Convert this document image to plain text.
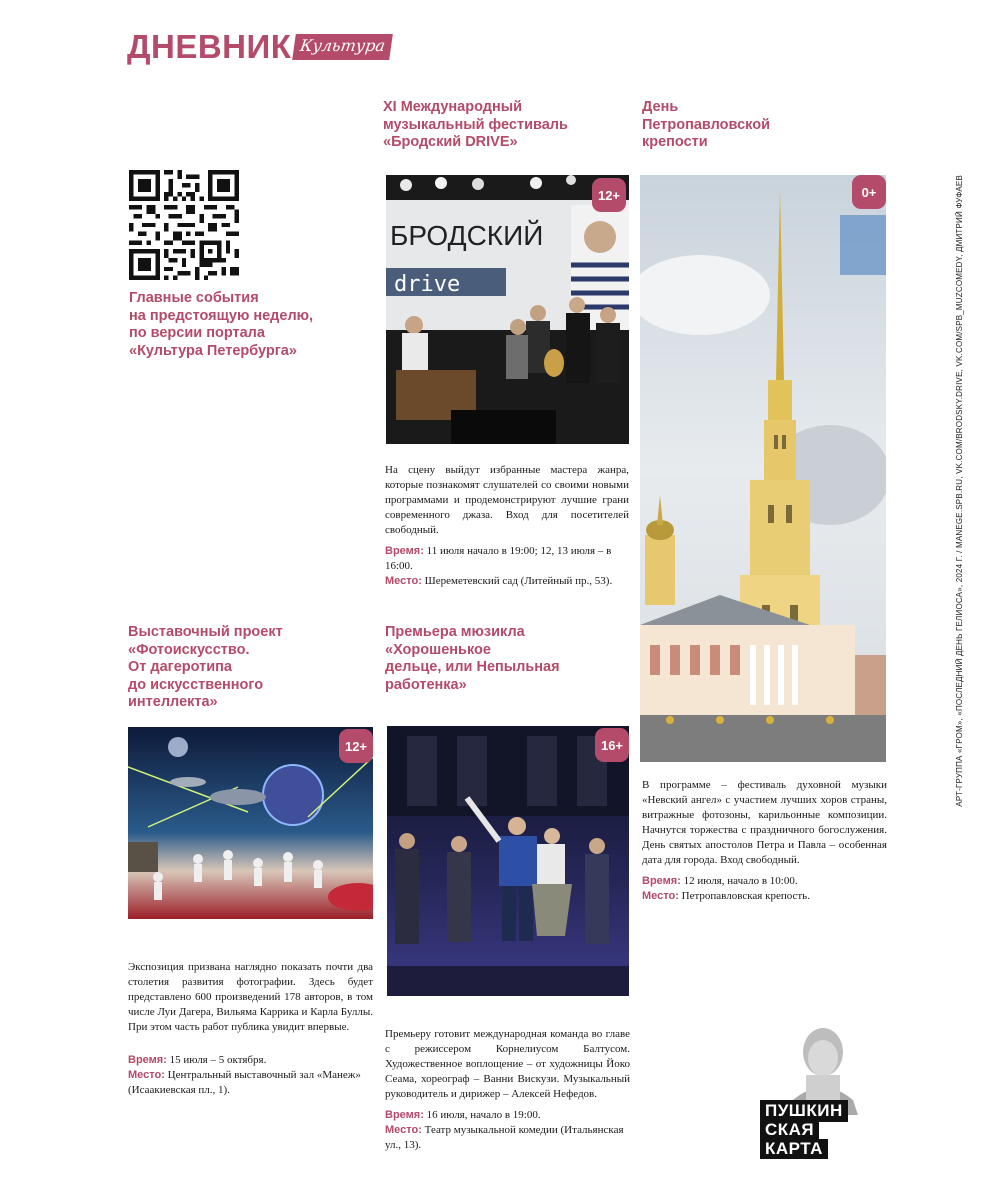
ДНЕВНИК Культура
XI Международный
музыкальный фестиваль
«Бродский DRIVE»
День
Петропавловской
крепости
Главные события
на предстоящую неделю,
по версии портала
«Культура Петербурга»
БРОДСКИЙ
drive
12+	0+
На сцену выйдут избранные мастера жанра, которые познакомят слушателей со своими новыми программами и продемонстрируют лучшие грани современного джаза. Вход для посетителей свободный.
Время: 11 июля начало в 19:00; 12, 13 июля – в 16:00.
Место: Шереметевский сад (Литейный пр., 53).
Выставочный проект
«Фотоискусство.
От дагеротипа
до искусственного
интеллекта»
Премьера мюзикла
«Хорошенькое
дельце, или Непыльная
работенка»
12+	16+
В программе – фестиваль духовной музыки «Невский ангел» с участием лучших хоров страны, витражные фотозоны, карильонные композиции. Начнутся торжества с праздничного богослужения. День святых апостолов Петра и Павла – особенная дата для города. Вход свободный.
Время: 12 июля, начало в 10:00.
Место: Петропавловская крепость.
Экспозиция призвана наглядно показать почти два столетия развития фотографии. Здесь будет представлено 600 произведений 178 авторов, в том числе Луи Дагера, Вильяма Каррика и Карла Буллы. При этом часть работ публика увидит впервые.
Время: 15 июля – 5 октября.
Место: Центральный выставочный зал «Манеж» (Исаакиевская пл., 1).
Премьеру готовит международная команда во главе с режиссером Корнелиусом Балтусом. Художественное воплощение – от художницы Йоко Сеама, хореограф – Ванни Вискузи. Музыкальный руководитель и дирижер – Алексей Нефедов.
Время: 16 июля, начало в 19:00.
Место: Театр музыкальной комедии (Итальянская ул., 13).
АРТ-ГРУППА «ГРОМ», «ПОСЛЕДНИЙ ДЕНЬ ГЕЛИОСА», 2024 Г. / MANEGE.SPB.RU, VK.COM/BRODSKY.DRIVE, VK.COM/SPB_MUZCOMEDY, ДМИТРИЙ ФУФАЕВ
ПУШКИН
СКАЯ
КАРТА
